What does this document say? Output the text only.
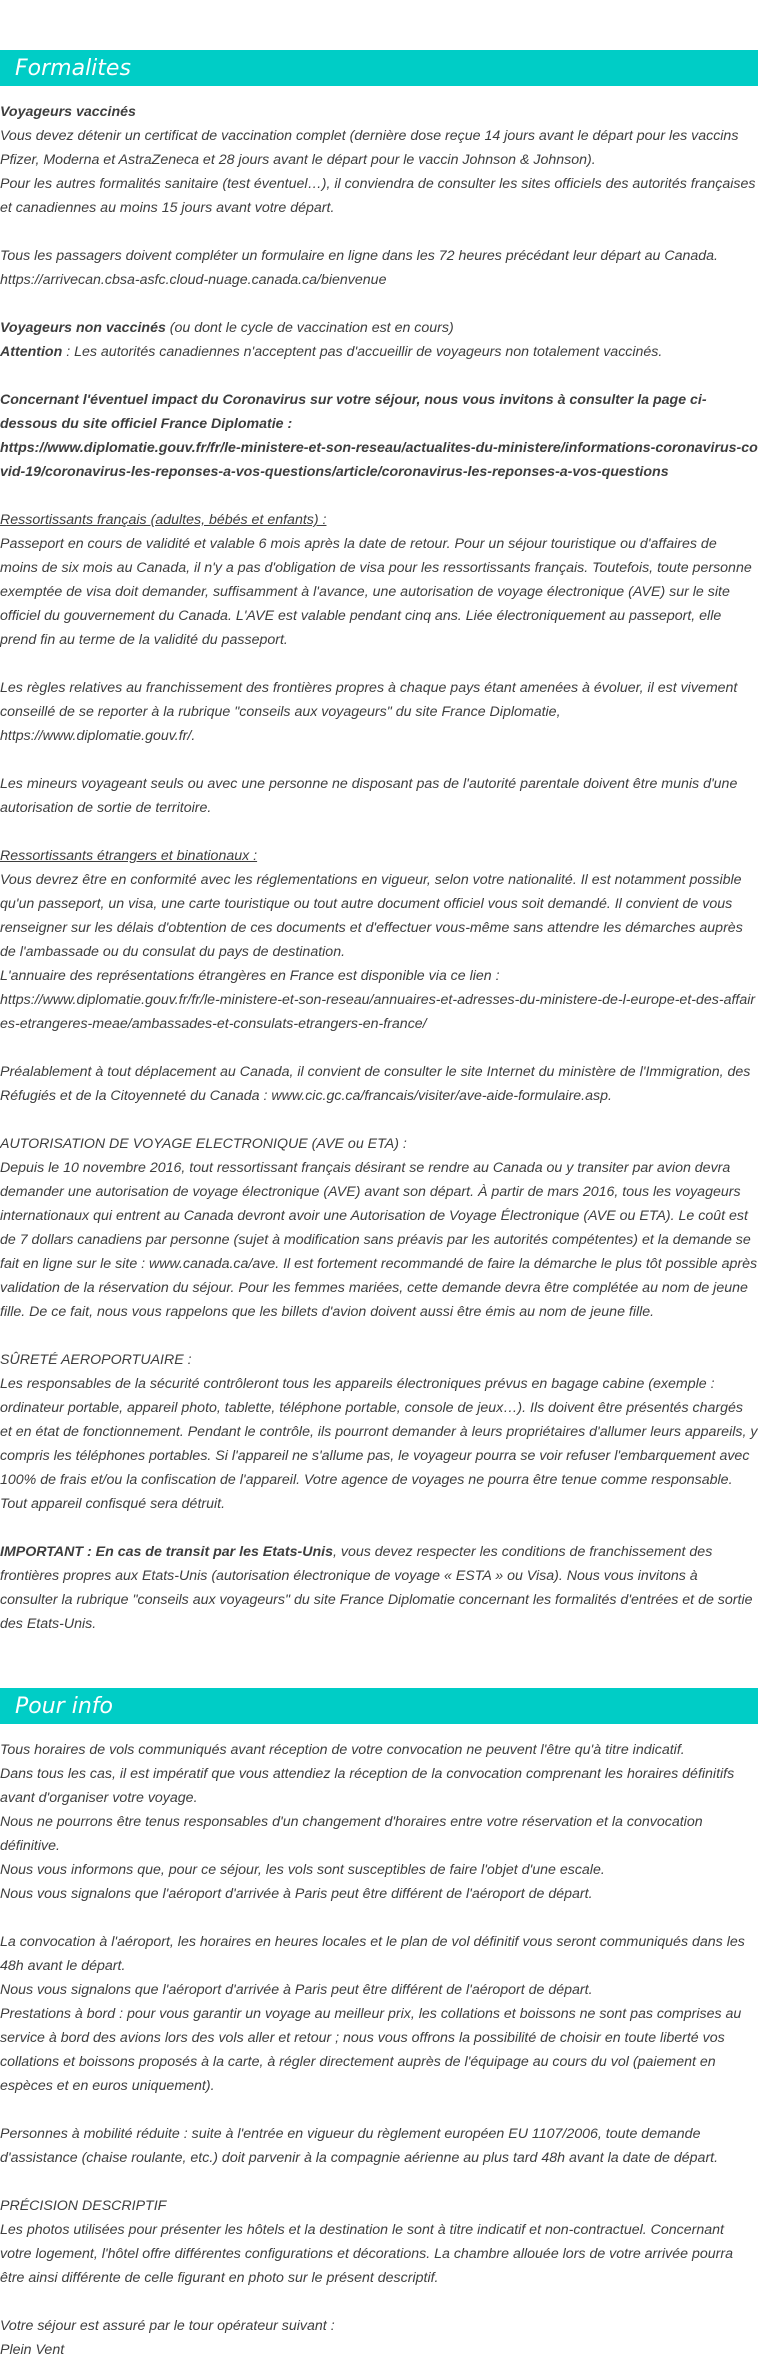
Formalites

Voyageurs vaccinés

Vous devez détenir un certificat de vaccination complet (dernière dose reçue 14 jours avant le départ pour les vaccins Pfizer, Moderna et AstraZeneca et 28 jours avant le départ pour le vaccin Johnson & Johnson).

Pour les autres formalités sanitaire (test éventuel…), il conviendra de consulter les sites officiels des autorités françaises et canadiennes au moins 15 jours avant votre départ.

Tous les passagers doivent compléter un formulaire en ligne dans les 72 heures précédant leur départ au Canada.

https://arrivecan.cbsa-asfc.cloud-nuage.canada.ca/bienvenue

Voyageurs non vaccinés (ou dont le cycle de vaccination est en cours)

Attention : Les autorités canadiennes n'acceptent pas d'accueillir de voyageurs non totalement vaccinés.

Concernant l'éventuel impact du Coronavirus sur votre séjour, nous vous invitons à consulter la page ci-dessous du site officiel France Diplomatie :

https://www.diplomatie.gouv.fr/fr/le-ministere-et-son-reseau/actualites-du-ministere/informations-coronavirus-covid-19/coronavirus-les-reponses-a-vos-questions/article/coronavirus-les-reponses-a-vos-questions

Ressortissants français (adultes, bébés et enfants) :

Passeport en cours de validité et valable 6 mois après la date de retour. Pour un séjour touristique ou d'affaires de moins de six mois au Canada, il n'y a pas d'obligation de visa pour les ressortissants français. Toutefois, toute personne exemptée de visa doit demander, suffisamment à l'avance, une autorisation de voyage électronique (AVE) sur le site officiel du gouvernement du Canada. L'AVE est valable pendant cinq ans. Liée électroniquement au passeport, elle prend fin au terme de la validité du passeport.

Les règles relatives au franchissement des frontières propres à chaque pays étant amenées à évoluer, il est vivement conseillé de se reporter à la rubrique "conseils aux voyageurs" du site France Diplomatie, https://www.diplomatie.gouv.fr/.

Les mineurs voyageant seuls ou avec une personne ne disposant pas de l'autorité parentale doivent être munis d'une autorisation de sortie de territoire.

Ressortissants étrangers et binationaux :

Vous devrez être en conformité avec les réglementations en vigueur, selon votre nationalité. Il est notamment possible qu'un passeport, un visa, une carte touristique ou tout autre document officiel vous soit demandé. Il convient de vous renseigner sur les délais d'obtention de ces documents et d'effectuer vous-même sans attendre les démarches auprès de l'ambassade ou du consulat du pays de destination.

L'annuaire des représentations étrangères en France est disponible via ce lien :

https://www.diplomatie.gouv.fr/fr/le-ministere-et-son-reseau/annuaires-et-adresses-du-ministere-de-l-europe-et-des-affaires-etrangeres-meae/ambassades-et-consulats-etrangers-en-france/

Préalablement à tout déplacement au Canada, il convient de consulter le site Internet du ministère de l'Immigration, des Réfugiés et de la Citoyenneté du Canada : www.cic.gc.ca/francais/visiter/ave-aide-formulaire.asp.

AUTORISATION DE VOYAGE ELECTRONIQUE (AVE ou ETA) :

Depuis le 10 novembre 2016, tout ressortissant français désirant se rendre au Canada ou y transiter par avion devra demander une autorisation de voyage électronique (AVE) avant son départ. À partir de mars 2016, tous les voyageurs internationaux qui entrent au Canada devront avoir une Autorisation de Voyage Électronique (AVE ou ETA). Le coût est de 7 dollars canadiens par personne (sujet à modification sans préavis par les autorités compétentes) et la demande se fait en ligne sur le site : www.canada.ca/ave. Il est fortement recommandé de faire la démarche le plus tôt possible après validation de la réservation du séjour. Pour les femmes mariées, cette demande devra être complétée au nom de jeune fille. De ce fait, nous vous rappelons que les billets d'avion doivent aussi être émis au nom de jeune fille.

SÛRETÉ AEROPORTUAIRE :

Les responsables de la sécurité contrôleront tous les appareils électroniques prévus en bagage cabine (exemple : ordinateur portable, appareil photo, tablette, téléphone portable, console de jeux…). Ils doivent être présentés chargés et en état de fonctionnement. Pendant le contrôle, ils pourront demander à leurs propriétaires d'allumer leurs appareils, y compris les téléphones portables. Si l'appareil ne s'allume pas, le voyageur pourra se voir refuser l'embarquement avec 100% de frais et/ou la confiscation de l'appareil. Votre agence de voyages ne pourra être tenue comme responsable. Tout appareil confisqué sera détruit.

IMPORTANT : En cas de transit par les Etats-Unis, vous devez respecter les conditions de franchissement des frontières propres aux Etats-Unis (autorisation électronique de voyage « ESTA » ou Visa). Nous vous invitons à consulter la rubrique "conseils aux voyageurs" du site France Diplomatie concernant les formalités d'entrées et de sortie des Etats-Unis.

Pour info

Tous horaires de vols communiqués avant réception de votre convocation ne peuvent l'être qu'à titre indicatif.

Dans tous les cas, il est impératif que vous attendiez la réception de la convocation comprenant les horaires définitifs avant d'organiser votre voyage.

Nous ne pourrons être tenus responsables d'un changement d'horaires entre votre réservation et la convocation définitive.

Nous vous informons que, pour ce séjour, les vols sont susceptibles de faire l'objet d'une escale.

Nous vous signalons que l'aéroport d'arrivée à Paris peut être différent de l'aéroport de départ.

La convocation à l'aéroport, les horaires en heures locales et le plan de vol définitif vous seront communiqués dans les 48h avant le départ.

Nous vous signalons que l'aéroport d'arrivée à Paris peut être différent de l'aéroport de départ.

Prestations à bord : pour vous garantir un voyage au meilleur prix, les collations et boissons ne sont pas comprises au service à bord des avions lors des vols aller et retour ; nous vous offrons la possibilité de choisir en toute liberté vos collations et boissons proposés à la carte, à régler directement auprès de l'équipage au cours du vol (paiement en espèces et en euros uniquement).

Personnes à mobilité réduite : suite à l'entrée en vigueur du règlement européen EU 1107/2006, toute demande d'assistance (chaise roulante, etc.) doit parvenir à la compagnie aérienne au plus tard 48h avant la date de départ.

PRÉCISION DESCRIPTIF

Les photos utilisées pour présenter les hôtels et la destination le sont à titre indicatif et non-contractuel. Concernant votre logement, l'hôtel offre différentes configurations et décorations. La chambre allouée lors de votre arrivée pourra être ainsi différente de celle figurant en photo sur le présent descriptif.

Votre séjour est assuré par le tour opérateur suivant :

Plein Vent
